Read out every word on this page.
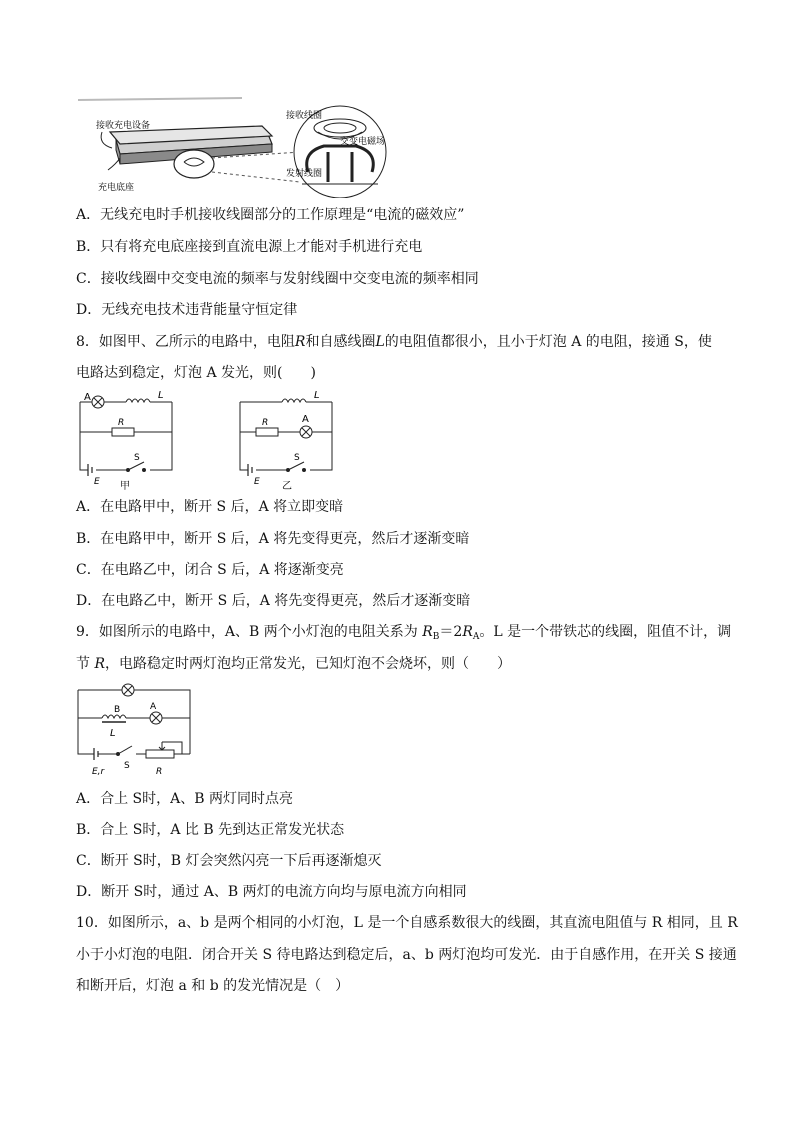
接收充电设备
充电底座
接收线圈
交变电磁场
发射线圈
A．无线充电时手机接收线圈部分的工作原理是“电流的磁效应”
B．只有将充电底座接到直流电源上才能对手机进行充电
C．接收线圈中交变电流的频率与发射线圈中交变电流的频率相同
D．无线充电技术违背能量守恒定律
8．如图甲、乙所示的电路中，电阻R和自感线圈L的电阻值都很小，且小于灯泡 A 的电阻，接通 S，使
电路达到稳定，灯泡 A 发光，则(　　)
A	L
R
E
S
甲
L
A
R
E
S
乙
A．在电路甲中，断开 S 后，A 将立即变暗
B．在电路甲中，断开 S 后，A 将先变得更亮，然后才逐渐变暗
C．在电路乙中，闭合 S 后，A 将逐渐变亮
D．在电路乙中，断开 S 后，A 将先变得更亮，然后才逐渐变暗
9．如图所示的电路中，A、B 两个小灯泡的电阻关系为 $R_B=2R_A$。L 是一个带铁芯的线圈，阻值不计，调
节 R，电路稳定时两灯泡均正常发光，已知灯泡不会烧坏，则（　　）
B
L
A
E,r
S
R
A．合上 S时，A、B 两灯同时点亮
B．合上 S时，A 比 B 先到达正常发光状态
C．断开 S时，B 灯会突然闪亮一下后再逐渐熄灭
D．断开 S时，通过 A、B 两灯的电流方向均与原电流方向相同
10．如图所示，a、b 是两个相同的小灯泡，L 是一个自感系数很大的线圈，其直流电阻值与 R 相同，且 R
小于小灯泡的电阻．闭合开关 S 待电路达到稳定后，a、b 两灯泡均可发光．由于自感作用，在开关 S 接通
和断开后，灯泡 a 和 b 的发光情况是（　）
